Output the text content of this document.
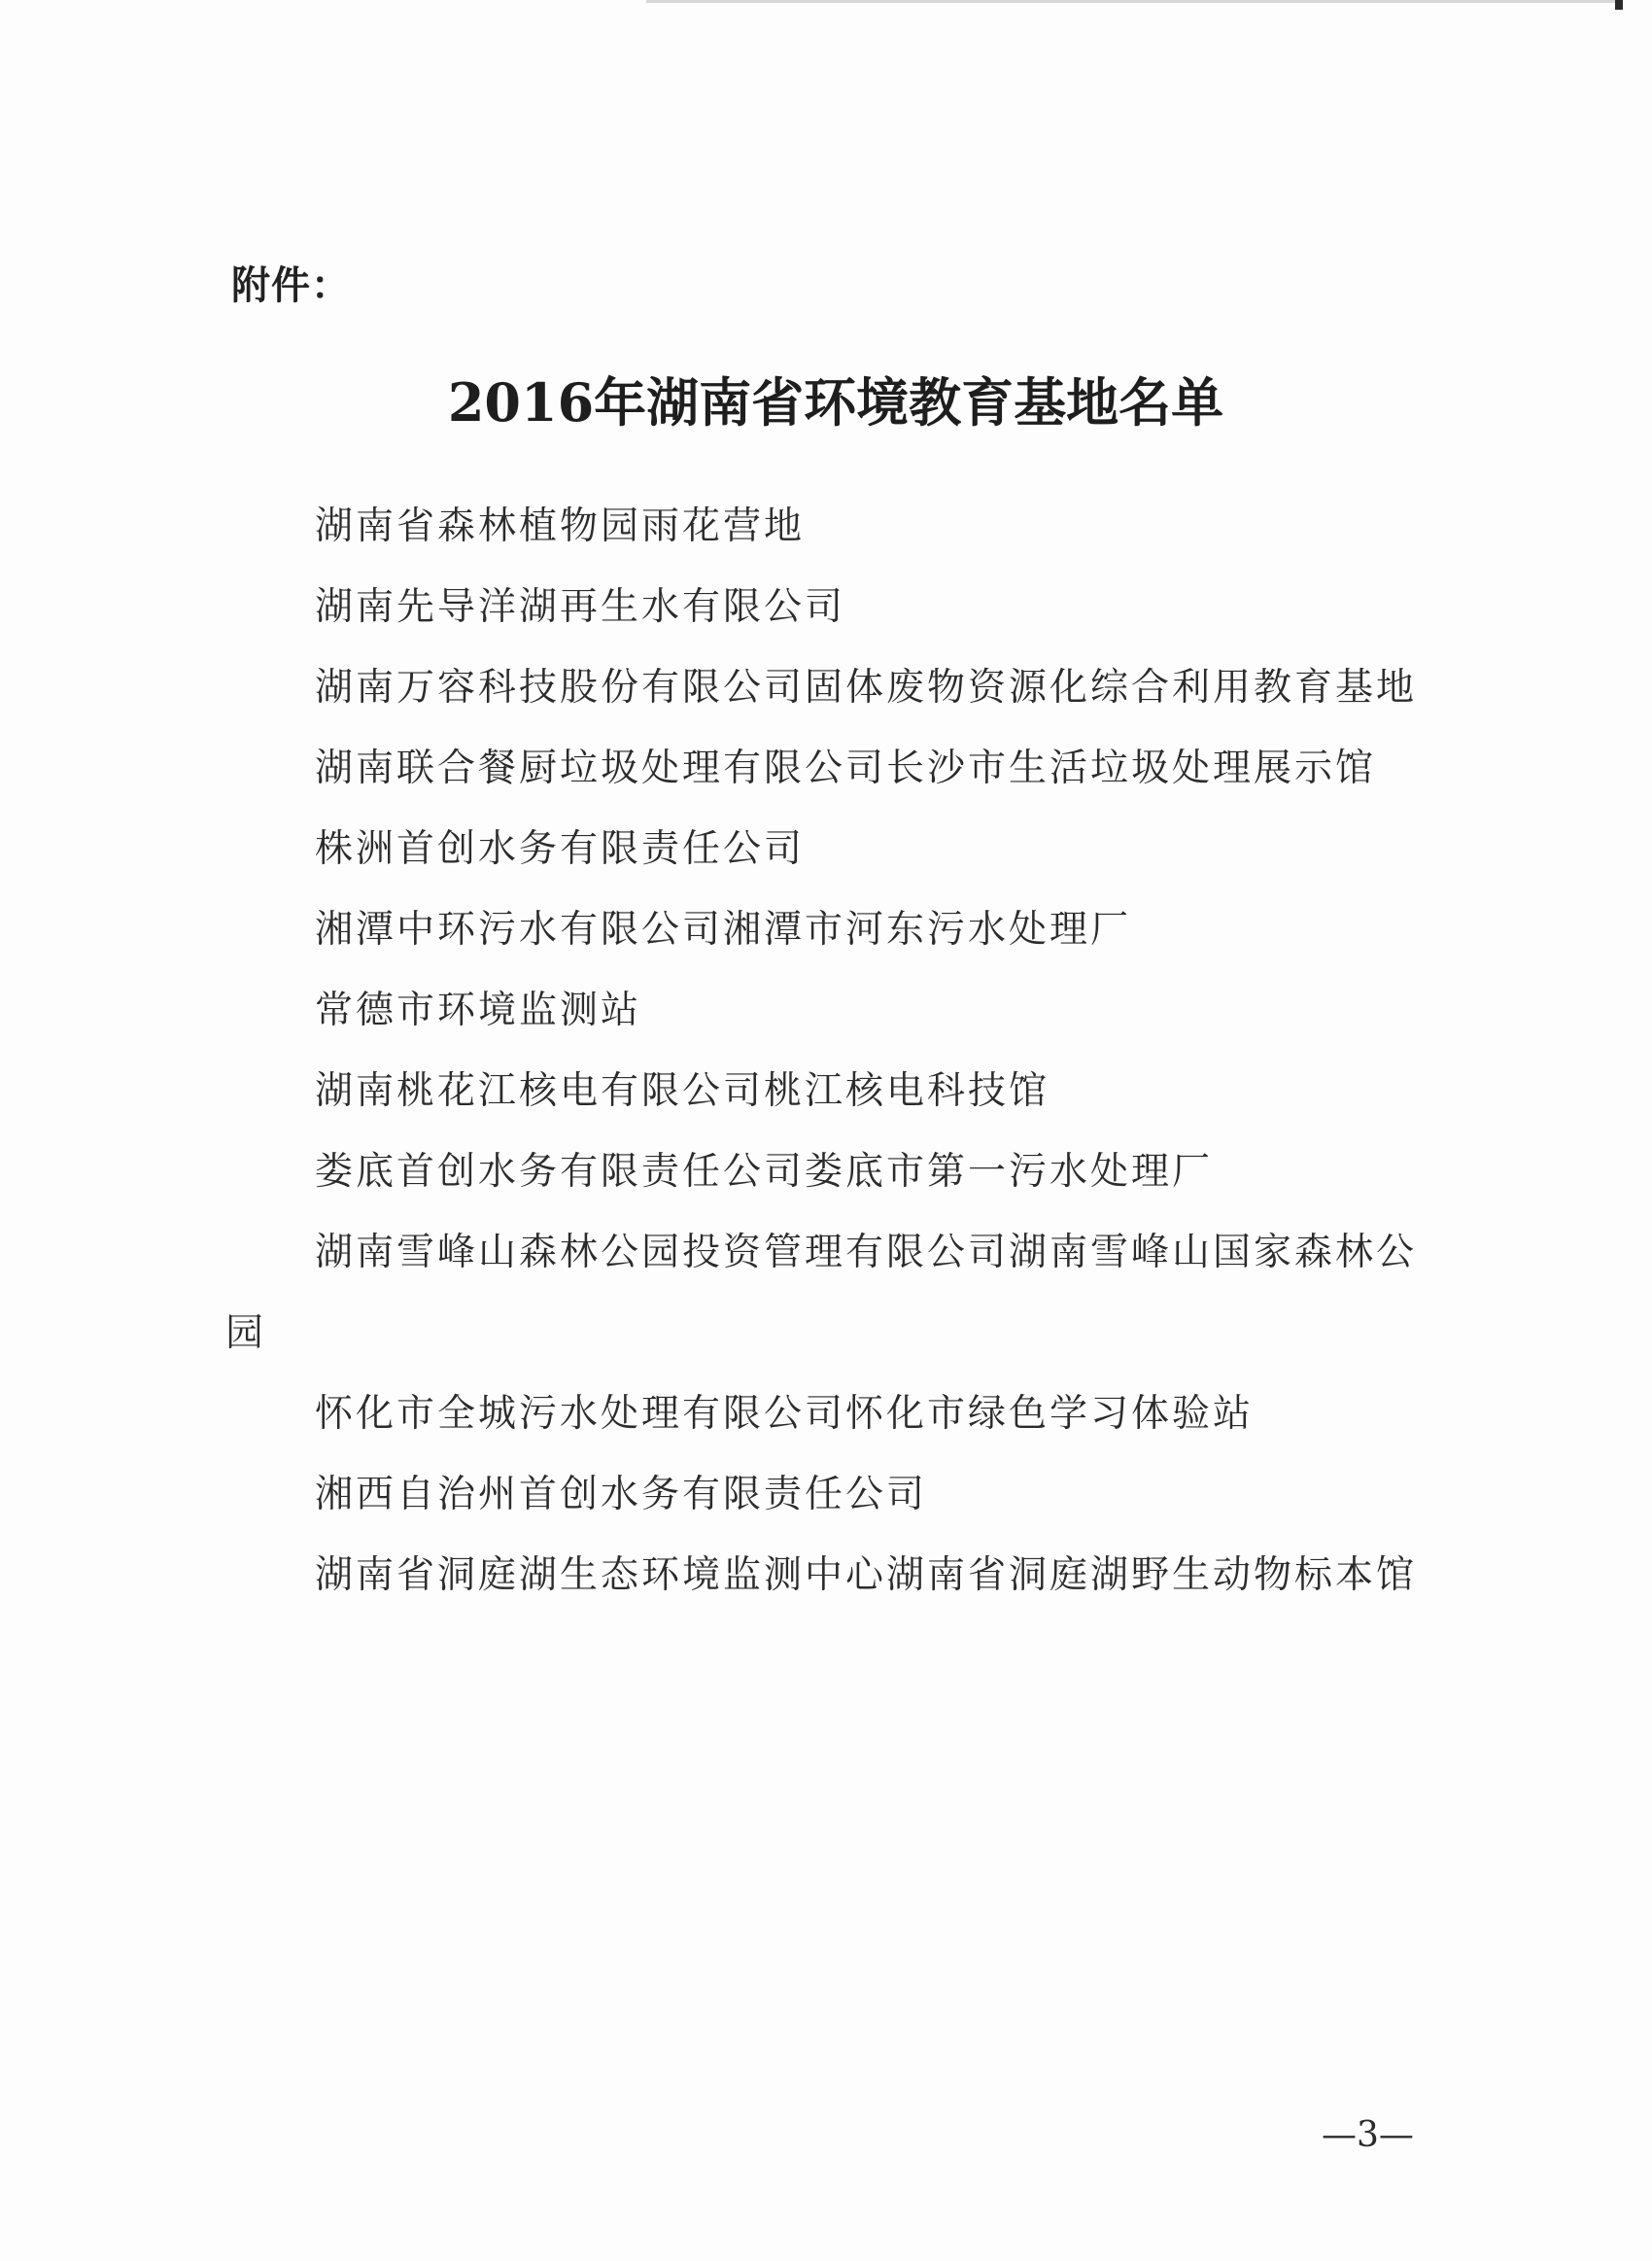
附件：
2016年湖南省环境教育基地名单
湖南省森林植物园雨花营地
湖南先导洋湖再生水有限公司
湖南万容科技股份有限公司固体废物资源化综合利用教育基地
湖南联合餐厨垃圾处理有限公司长沙市生活垃圾处理展示馆
株洲首创水务有限责任公司
湘潭中环污水有限公司湘潭市河东污水处理厂
常德市环境监测站
湖南桃花江核电有限公司桃江核电科技馆
娄底首创水务有限责任公司娄底市第一污水处理厂
湖南雪峰山森林公园投资管理有限公司湖南雪峰山国家森林公园
怀化市全城污水处理有限公司怀化市绿色学习体验站
湘西自治州首创水务有限责任公司
湖南省洞庭湖生态环境监测中心湖南省洞庭湖野生动物标本馆
—3—
